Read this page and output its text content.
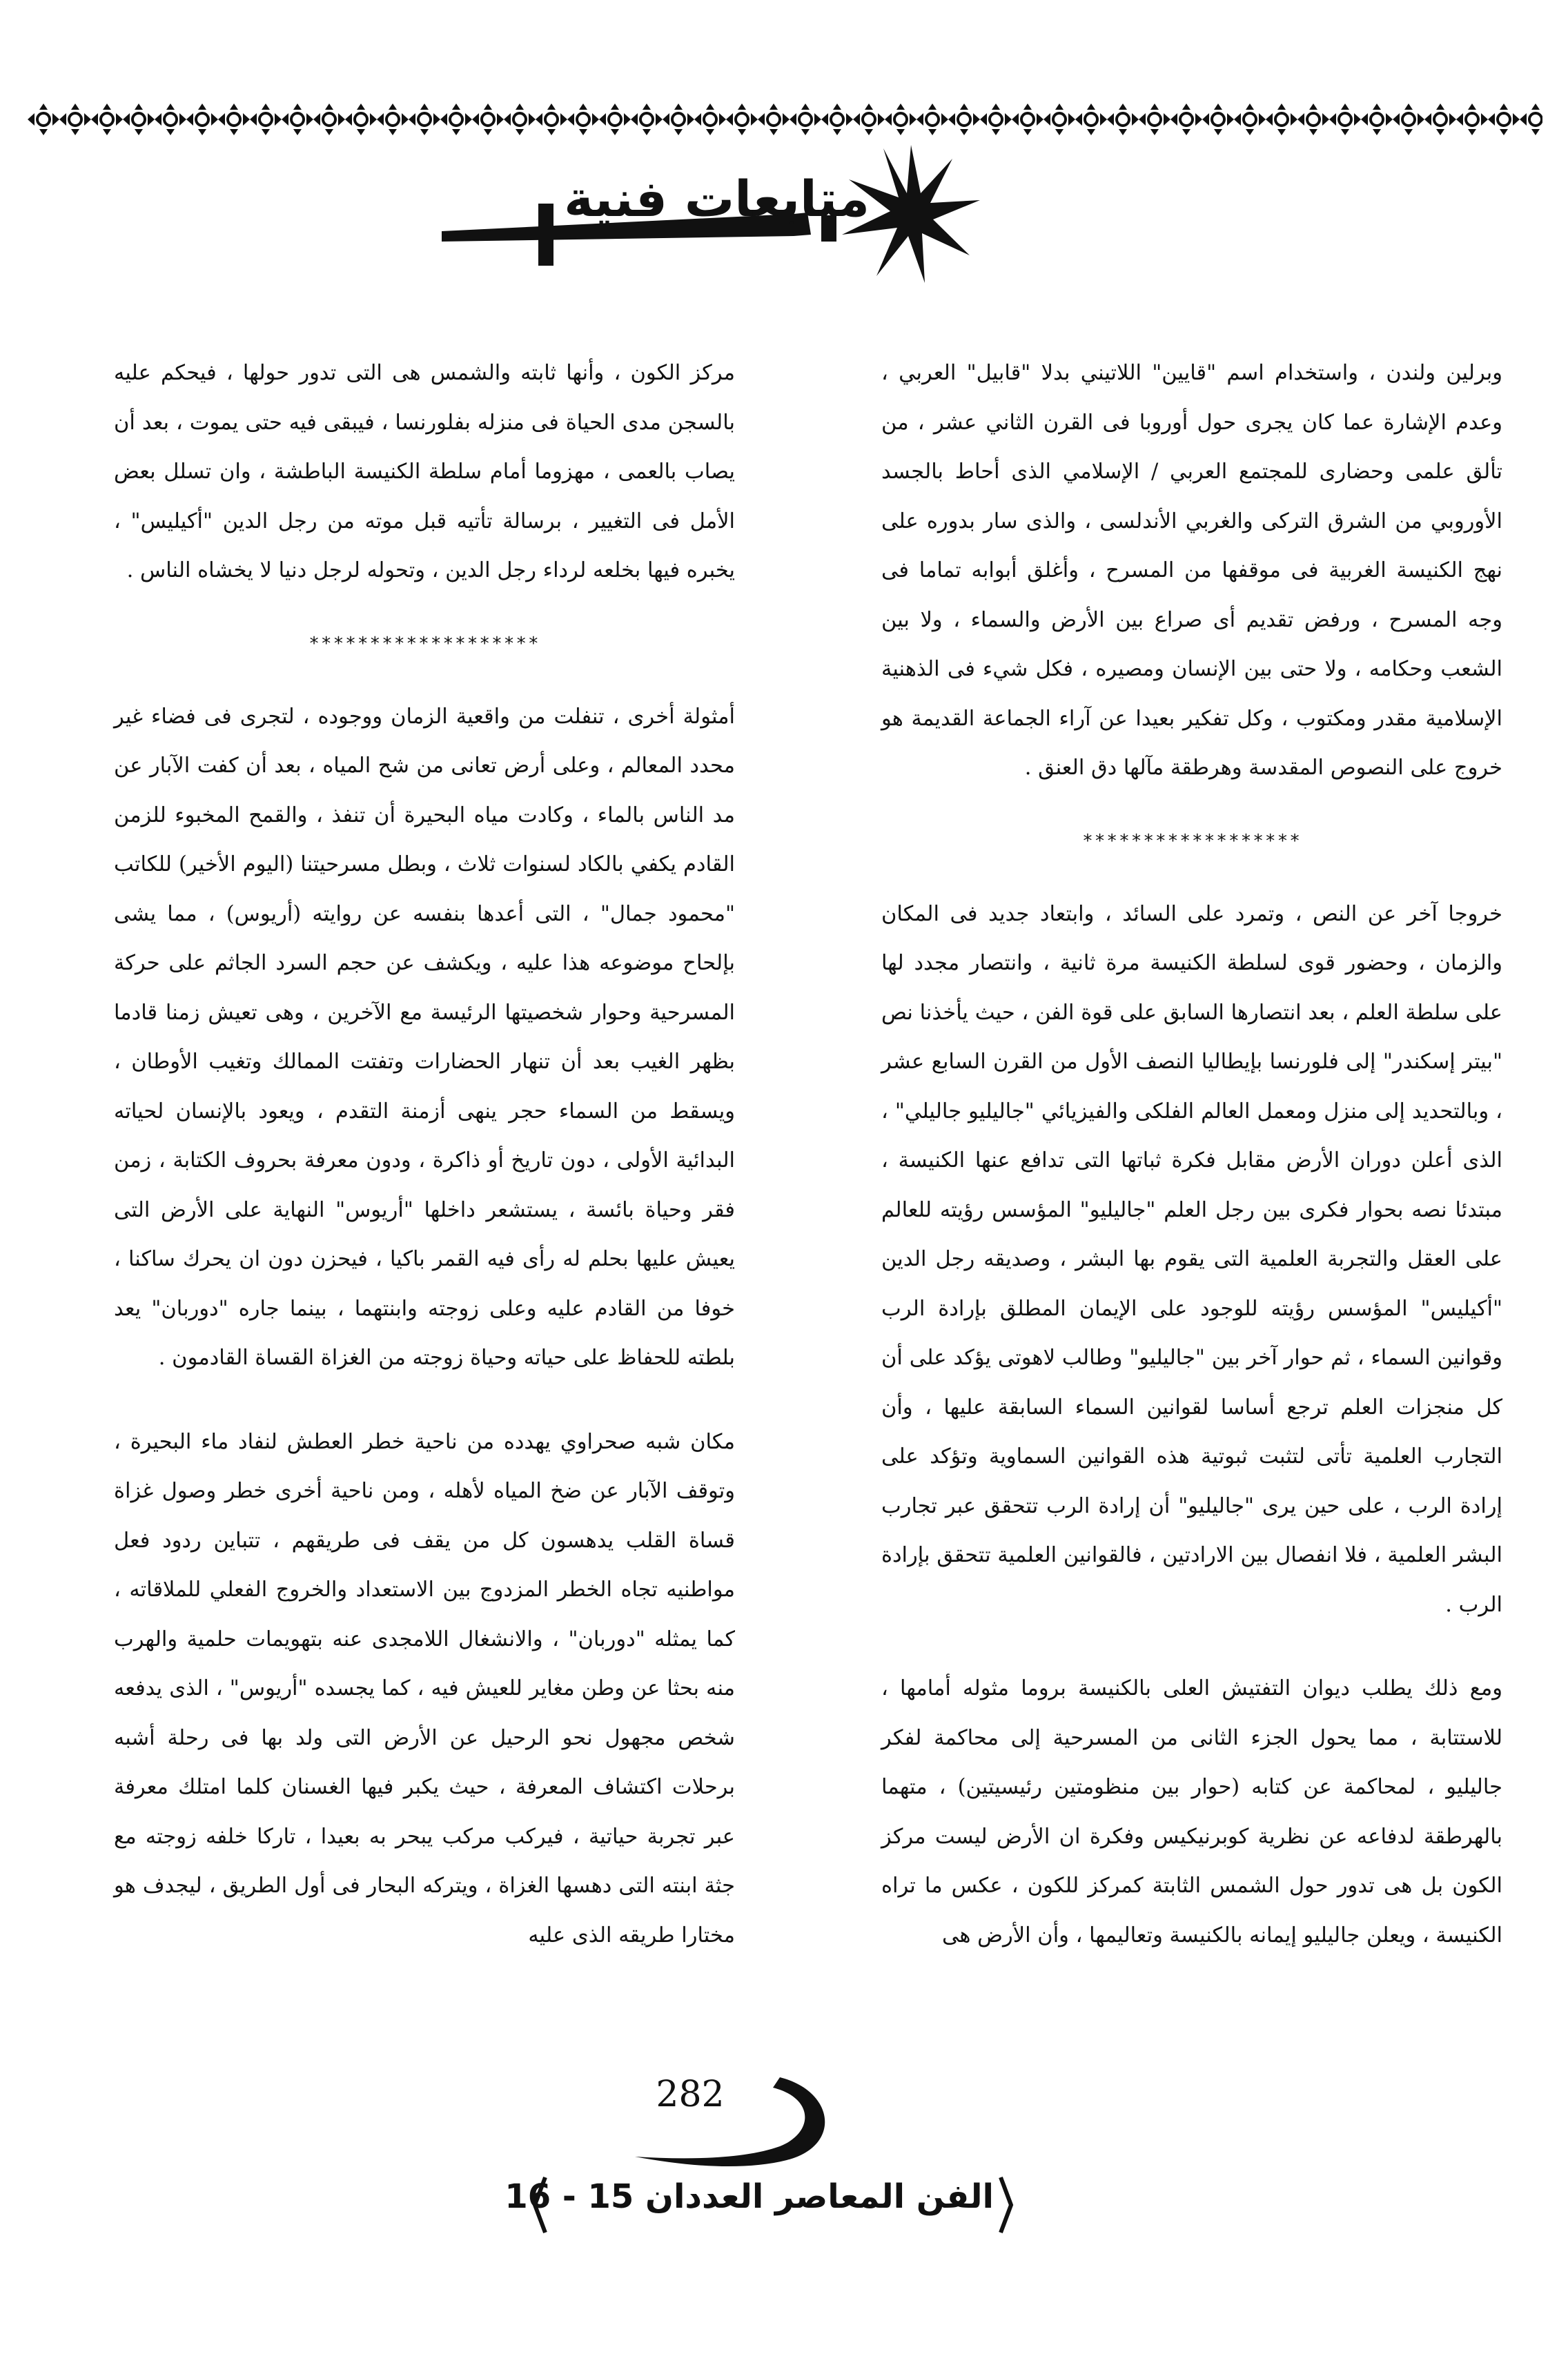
متابعات فنية

وبرلين ولندن ، واستخدام اسم "قايين" اللاتيني بدلا "قابيل" العربي ، وعدم الإشارة عما كان يجرى حول أوروبا فى القرن الثاني عشر ، من تألق علمى وحضارى للمجتمع العربي / الإسلامي الذى أحاط بالجسد الأوروبي من الشرق التركى والغربي الأندلسى ، والذى سار بدوره على نهج الكنيسة الغربية فى موقفها من المسرح ، وأغلق أبوابه تماما فى وجه المسرح ، ورفض تقديم أى صراع بين الأرض والسماء ، ولا بين الشعب وحكامه ، ولا حتى بين الإنسان ومصيره ، فكل شيء فى الذهنية الإسلامية مقدر ومكتوب ، وكل تفكير بعيدا عن آراء الجماعة القديمة هو خروج على النصوص المقدسة وهرطقة مآلها دق العنق .

******************

خروجا آخر عن النص ، وتمرد على السائد ، وابتعاد جديد فى المكان والزمان ، وحضور قوى لسلطة الكنيسة مرة ثانية ، وانتصار مجدد لها على سلطة العلم ، بعد انتصارها السابق على قوة الفن ، حيث يأخذنا نص "بيتر إسكندر" إلى فلورنسا بإيطاليا النصف الأول من القرن السابع عشر ، وبالتحديد إلى منزل ومعمل العالم الفلكى والفيزيائي "جاليليو جاليلي" ، الذى أعلن دوران الأرض مقابل فكرة ثباتها التى تدافع عنها الكنيسة ، مبتدئا نصه بحوار فكرى بين رجل العلم "جاليليو" المؤسس رؤيته للعالم على العقل والتجربة العلمية التى يقوم بها البشر ، وصديقه رجل الدين "أكيليس" المؤسس رؤيته للوجود على الإيمان المطلق بإرادة الرب وقوانين السماء ، ثم حوار آخر بين "جاليليو" وطالب لاهوتى يؤكد على أن كل منجزات العلم ترجع أساسا لقوانين السماء السابقة عليها ، وأن التجارب العلمية تأتى لتثبت ثبوتية هذه القوانين السماوية وتؤكد على إرادة الرب ، على حين يرى "جاليليو" أن إرادة الرب تتحقق عبر تجارب البشر العلمية ، فلا انفصال بين الارادتين ، فالقوانين العلمية تتحقق بإرادة الرب .

ومع ذلك يطلب ديوان التفتيش العلى بالكنيسة بروما مثوله أمامها ، للاستتابة ، مما يحول الجزء الثانى من المسرحية إلى محاكمة لفكر جاليليو ، لمحاكمة عن كتابه (حوار بين منظومتين رئيسيتين) ، متهما بالهرطقة لدفاعه عن نظرية كوبرنيكيس وفكرة ان الأرض ليست مركز الكون بل هى تدور حول الشمس الثابتة كمركز للكون ، عكس ما تراه الكنيسة ، ويعلن جاليليو إيمانه بالكنيسة وتعاليمها ، وأن الأرض هى

مركز الكون ، وأنها ثابته والشمس هى التى تدور حولها ، فيحكم عليه بالسجن مدى الحياة فى منزله بفلورنسا ، فيبقى فيه حتى يموت ، بعد أن يصاب بالعمى ، مهزوما أمام سلطة الكنيسة الباطشة ، وان تسلل بعض الأمل فى التغيير ، برسالة تأتيه قبل موته من رجل الدين "أكيليس" ، يخبره فيها بخلعه لرداء رجل الدين ، وتحوله لرجل دنيا لا يخشاه الناس .

*******************

أمثولة أخرى ، تنفلت من واقعية الزمان ووجوده ، لتجرى فى فضاء غير محدد المعالم ، وعلى أرض تعانى من شح المياه ، بعد أن كفت الآبار عن مد الناس بالماء ، وكادت مياه البحيرة أن تنفذ ، والقمح المخبوء للزمن القادم يكفي بالكاد لسنوات ثلاث ، وبطل مسرحيتنا (اليوم الأخير) للكاتب "محمود جمال" ، التى أعدها بنفسه عن روايته (أريوس) ، مما يشى بإلحاح موضوعه هذا عليه ، ويكشف عن حجم السرد الجاثم على حركة المسرحية وحوار شخصيتها الرئيسة مع الآخرين ، وهى تعيش زمنا قادما بظهر الغيب بعد أن تنهار الحضارات وتفتت الممالك وتغيب الأوطان ، ويسقط من السماء حجر ينهى أزمنة التقدم ، ويعود بالإنسان لحياته البدائية الأولى ، دون تاريخ أو ذاكرة ، ودون معرفة بحروف الكتابة ، زمن فقر وحياة بائسة ، يستشعر داخلها "أريوس" النهاية على الأرض التى يعيش عليها بحلم له رأى فيه القمر باكيا ، فيحزن دون ان يحرك ساكنا ، خوفا من القادم عليه وعلى زوجته وابنتهما ، بينما جاره "دوربان" يعد بلطته للحفاظ على حياته وحياة زوجته من الغزاة القساة القادمون .

مكان شبه صحراوي يهدده من ناحية خطر العطش لنفاد ماء البحيرة ، وتوقف الآبار عن ضخ المياه لأهله ، ومن ناحية أخرى خطر وصول غزاة قساة القلب يدهسون كل من يقف فى طريقهم ، تتباين ردود فعل مواطنيه تجاه الخطر المزدوج بين الاستعداد والخروج الفعلي للملاقاته ، كما يمثله "دوربان" ، والانشغال اللامجدى عنه بتهويمات حلمية والهرب منه بحثا عن وطن مغاير للعيش فيه ، كما يجسده "أريوس" ، الذى يدفعه شخص مجهول نحو الرحيل عن الأرض التى ولد بها فى رحلة أشبه برحلات اكتشاف المعرفة ، حيث يكبر فيها الغسنان كلما امتلك معرفة عبر تجربة حياتية ، فيركب مركب يبحر به بعيدا ، تاركا خلفه زوجته مع جثة ابنته التى دهسها الغزاة ، ويتركه البحار فى أول الطريق ، ليجدف هو مختارا طريقه الذى عليه

282
الفن المعاصر العددان 15 - 16
